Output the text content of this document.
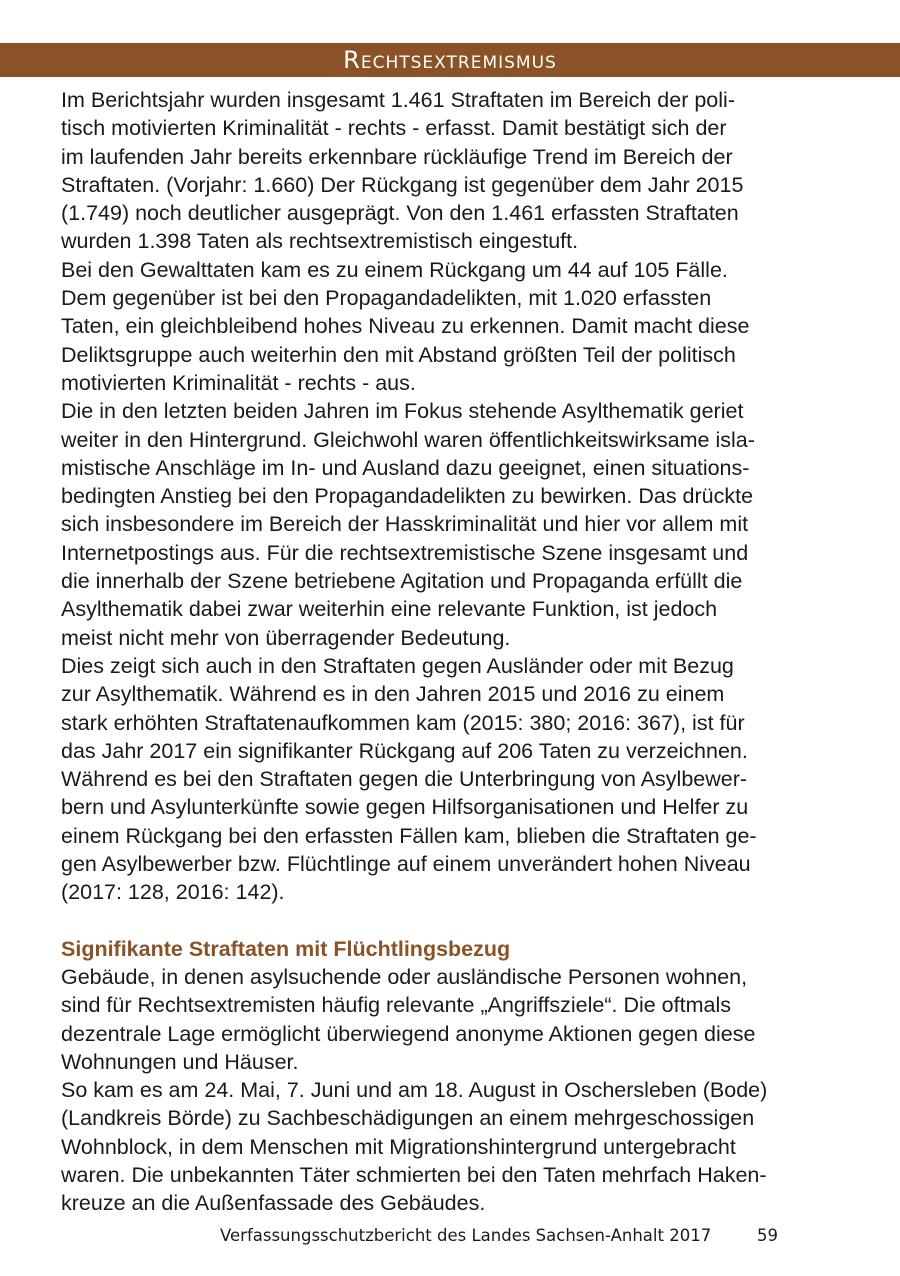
Rechtsextremismus

Im Berichtsjahr wurden insgesamt 1.461 Straftaten im Bereich der poli-
tisch motivierten Kriminalität - rechts - erfasst. Damit bestätigt sich der
im laufenden Jahr bereits erkennbare rückläufige Trend im Bereich der
Straftaten. (Vorjahr: 1.660) Der Rückgang ist gegenüber dem Jahr 2015
(1.749) noch deutlicher ausgeprägt. Von den 1.461 erfassten Straftaten
wurden 1.398 Taten als rechtsextremistisch eingestuft.

Bei den Gewalttaten kam es zu einem Rückgang um 44 auf 105 Fälle.
Dem gegenüber ist bei den Propagandadelikten, mit 1.020 erfassten
Taten, ein gleichbleibend hohes Niveau zu erkennen. Damit macht diese
Deliktsgruppe auch weiterhin den mit Abstand größten Teil der politisch
motivierten Kriminalität - rechts - aus.

Die in den letzten beiden Jahren im Fokus stehende Asylthematik geriet
weiter in den Hintergrund. Gleichwohl waren öffentlichkeitswirksame isla-
mistische Anschläge im In- und Ausland dazu geeignet, einen situations-
bedingten Anstieg bei den Propagandadelikten zu bewirken. Das drückte
sich insbesondere im Bereich der Hasskriminalität und hier vor allem mit
Internetpostings aus. Für die rechtsextremistische Szene insgesamt und
die innerhalb der Szene betriebene Agitation und Propaganda erfüllt die
Asylthematik dabei zwar weiterhin eine relevante Funktion, ist jedoch
meist nicht mehr von überragender Bedeutung.

Dies zeigt sich auch in den Straftaten gegen Ausländer oder mit Bezug
zur Asylthematik. Während es in den Jahren 2015 und 2016 zu einem
stark erhöhten Straftatenaufkommen kam (2015: 380; 2016: 367), ist für
das Jahr 2017 ein signifikanter Rückgang auf 206 Taten zu verzeichnen.
Während es bei den Straftaten gegen die Unterbringung von Asylbewer-
bern und Asylunterkünfte sowie gegen Hilfsorganisationen und Helfer zu
einem Rückgang bei den erfassten Fällen kam, blieben die Straftaten ge-
gen Asylbewerber bzw. Flüchtlinge auf einem unverändert hohen Niveau
(2017: 128, 2016: 142).

Signifikante Straftaten mit Flüchtlingsbezug

Gebäude, in denen asylsuchende oder ausländische Personen wohnen,
sind für Rechtsextremisten häufig relevante „Angriffsziele“. Die oftmals
dezentrale Lage ermöglicht überwiegend anonyme Aktionen gegen diese
Wohnungen und Häuser.

So kam es am 24. Mai, 7. Juni und am 18. August in Oschersleben (Bode)
(Landkreis Börde) zu Sachbeschädigungen an einem mehrgeschossigen
Wohnblock, in dem Menschen mit Migrationshintergrund untergebracht
waren. Die unbekannten Täter schmierten bei den Taten mehrfach Haken-
kreuze an die Außenfassade des Gebäudes.

Verfassungsschutzbericht des Landes Sachsen-Anhalt 2017	59
